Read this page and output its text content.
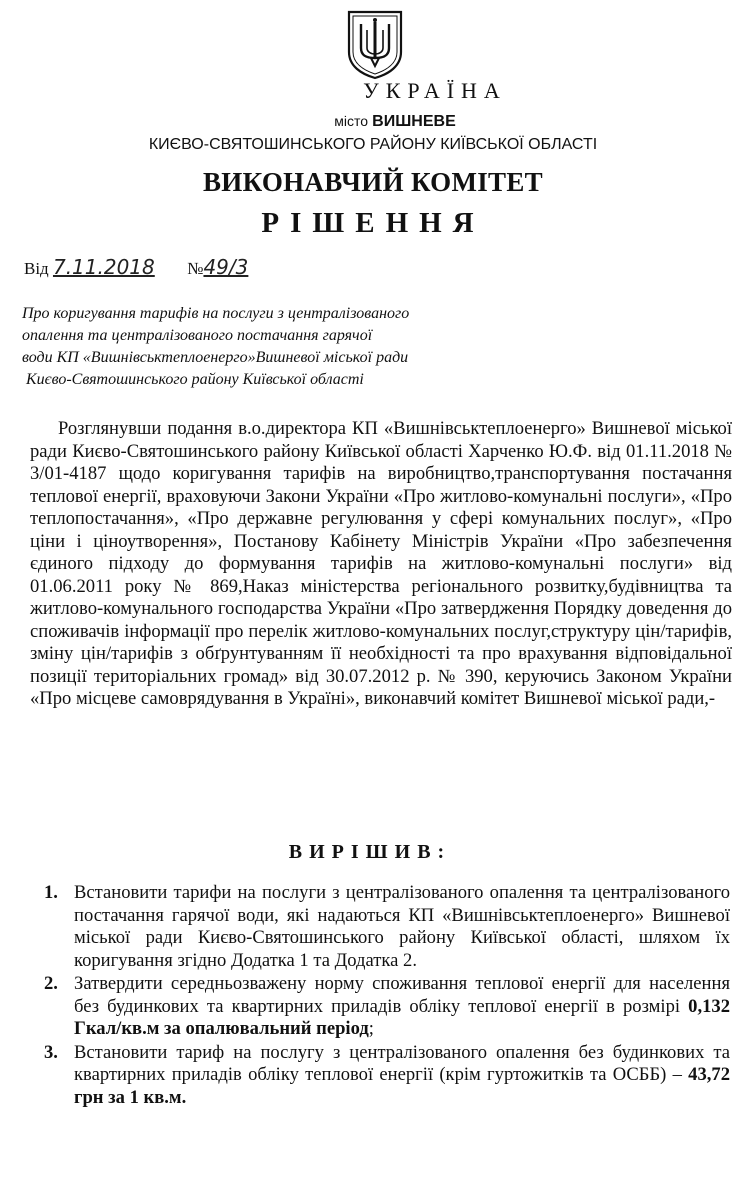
УКРАЇНА
місто ВИШНЕВЕ
КИЄВО-СВЯТОШИНСЬКОГО РАЙОНУ КИЇВСЬКОЇ ОБЛАСТІ
ВИКОНАВЧИЙ КОМІТЕТ
РІШЕННЯ
Від 7.11.2018 №49/3
Про коригування тарифів на послуги з централізованого
опалення та централізованого постачання гарячої
води КП «Вишнівськтеплоенерго»Вишневої міської ради
Києво-Святошинського району Київської області
Розглянувши подання в.о.директора КП «Вишнівськтеплоенерго» Вишневої міської ради Києво-Святошинського району Київської області Харченко Ю.Ф. від 01.11.2018 № 3/01-4187 щодо коригування тарифів на виробництво,транспортування постачання теплової енергії, враховуючи Закони України «Про житлово-комунальні послуги», «Про теплопостачання», «Про державне регулювання у сфері комунальних послуг», «Про ціни і ціноутворення», Постанову Кабінету Міністрів України «Про забезпечення єдиного підходу до формування тарифів на житлово-комунальні послуги» від 01.06.2011 року № 869,Наказ міністерства регіонального розвитку,будівництва та житлово-комунального господарства України «Про затвердження Порядку доведення до споживачів інформації про перелік житлово-комунальних послуг,структуру цін/тарифів, зміну цін/тарифів з обґрунтуванням її необхідності та про врахування відповідальної позиції територіальних громад» від 30.07.2012 р. № 390, керуючись Законом України «Про місцеве самоврядування в Україні», виконавчий комітет Вишневої міської ради,-
ВИРІШИВ:
1. Встановити тарифи на послуги з централізованого опалення та централізованого постачання гарячої води, які надаються КП «Вишнівськтеплоенерго» Вишневої міської ради Києво-Святошинського району Київської області, шляхом їх коригування згідно Додатка 1 та Додатка 2.
2. Затвердити середньозважену норму споживання теплової енергії для населення без будинкових та квартирних приладів обліку теплової енергії в розмірі 0,132 Гкал/кв.м за опалювальний період;
3. Встановити тариф на послугу з централізованого опалення без будинкових та квартирних приладів обліку теплової енергії (крім гуртожитків та ОСББ) – 43,72 грн за 1 кв.м.
